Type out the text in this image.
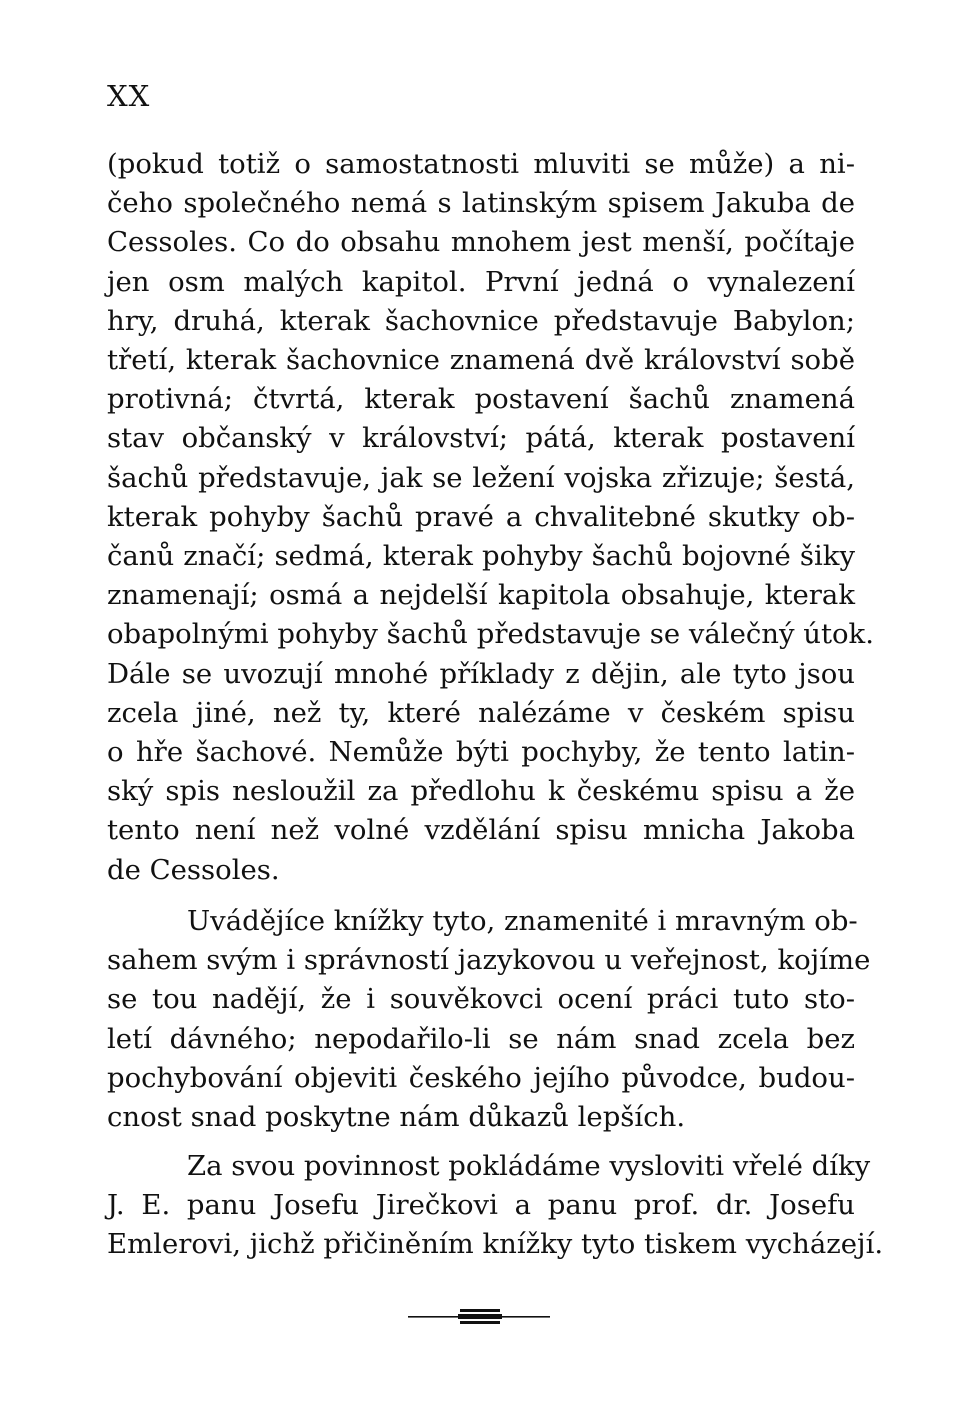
XX
(pokud totiž o samostatnosti mluviti se může) a ni-
čeho společného nemá s latinským spisem Jakuba de
Cessoles. Co do obsahu mnohem jest menší, počítaje
jen osm malých kapitol. První jedná o vynalezení
hry, druhá, kterak šachovnice představuje Babylon;
třetí, kterak šachovnice znamená dvě království sobě
protivná; čtvrtá, kterak postavení šachů znamená
stav občanský v království; pátá, kterak postavení
šachů představuje, jak se ležení vojska zřizuje; šestá,
kterak pohyby šachů pravé a chvalitebné skutky ob-
čanů značí; sedmá, kterak pohyby šachů bojovné šiky
znamenají; osmá a nejdelší kapitola obsahuje, kterak
obapolnými pohyby šachů představuje se válečný útok.
Dále se uvozují mnohé příklady z dějin, ale tyto jsou
zcela jiné, než ty, které nalézáme v českém spisu
o hře šachové. Nemůže býti pochyby, že tento latin-
ský spis nesloužil za předlohu k českému spisu a že
tento není než volné vzdělání spisu mnicha Jakoba
de Cessoles.
Uvádějíce knížky tyto, znamenité i mravným ob-
sahem svým i správností jazykovou u veřejnost, kojíme
se tou nadějí, že i souvěkovci ocení práci tuto sto-
letí dávného; nepodařilo-li se nám snad zcela bez
pochybování objeviti českého jejího původce, budou-
cnost snad poskytne nám důkazů lepších.
Za svou povinnost pokládáme vysloviti vřelé díky
J. E. panu Josefu Jirečkovi a panu prof. dr. Josefu
Emlerovi, jichž přičiněním knížky tyto tiskem vycházejí.
